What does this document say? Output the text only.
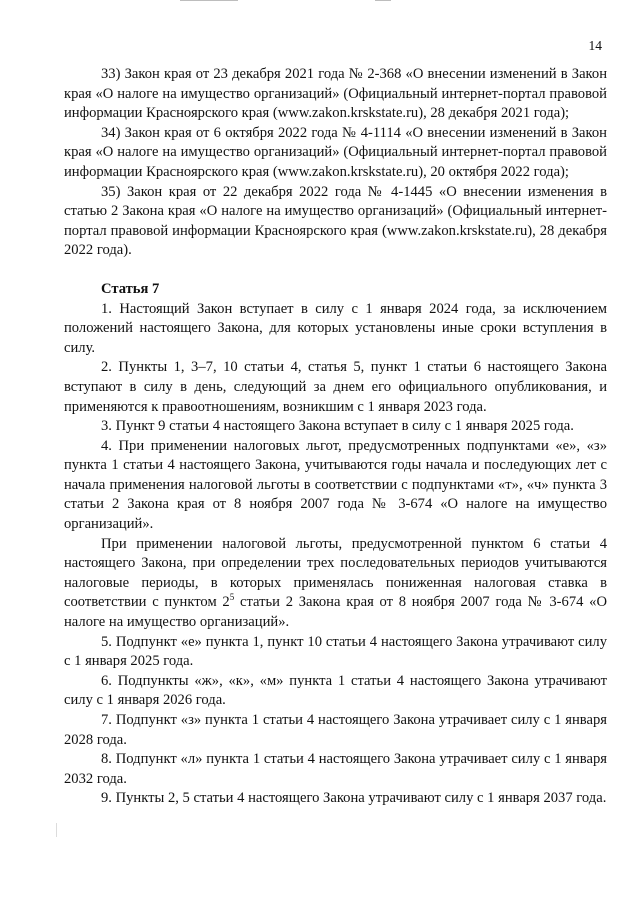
14

33) Закон края от 23 декабря 2021 года № 2-368 «О внесении изменений в Закон края «О налоге на имущество организаций» (Официальный интернет-портал правовой информации Красноярского края (www.zakon.krskstate.ru), 28 декабря 2021 года);

34) Закон края от 6 октября 2022 года № 4-1114 «О внесении изменений в Закон края «О налоге на имущество организаций» (Официальный интернет-портал правовой информации Красноярского края (www.zakon.krskstate.ru), 20 октября 2022 года);

35) Закон края от 22 декабря 2022 года № 4-1445 «О внесении изменения в статью 2 Закона края «О налоге на имущество организаций» (Официальный интернет-портал правовой информации Красноярского края (www.zakon.krskstate.ru), 28 декабря 2022 года).

Статья 7

1. Настоящий Закон вступает в силу с 1 января 2024 года, за исключением положений настоящего Закона, для которых установлены иные сроки вступления в силу.

2. Пункты 1, 3–7, 10 статьи 4, статья 5, пункт 1 статьи 6 настоящего Закона вступают в силу в день, следующий за днем его официального опубликования, и применяются к правоотношениям, возникшим с 1 января 2023 года.

3. Пункт 9 статьи 4 настоящего Закона вступает в силу с 1 января 2025 года.

4. При применении налоговых льгот, предусмотренных подпунктами «е», «з» пункта 1 статьи 4 настоящего Закона, учитываются годы начала и последующих лет с начала применения налоговой льготы в соответствии с подпунктами «т», «ч» пункта 3 статьи 2 Закона края от 8 ноября 2007 года № 3-674 «О налоге на имущество организаций».

При применении налоговой льготы, предусмотренной пунктом 6 статьи 4 настоящего Закона, при определении трех последовательных периодов учитываются налоговые периоды, в которых применялась пониженная налоговая ставка в соответствии с пунктом $2^5$ статьи 2 Закона края от 8 ноября 2007 года № 3-674 «О налоге на имущество организаций».

5. Подпункт «е» пункта 1, пункт 10 статьи 4 настоящего Закона утрачивают силу с 1 января 2025 года.

6. Подпункты «ж», «к», «м» пункта 1 статьи 4 настоящего Закона утрачивают силу с 1 января 2026 года.

7. Подпункт «з» пункта 1 статьи 4 настоящего Закона утрачивает силу с 1 января 2028 года.

8. Подпункт «л» пункта 1 статьи 4 настоящего Закона утрачивает силу с 1 января 2032 года.

9. Пункты 2, 5 статьи 4 настоящего Закона утрачивают силу с 1 января 2037 года.
